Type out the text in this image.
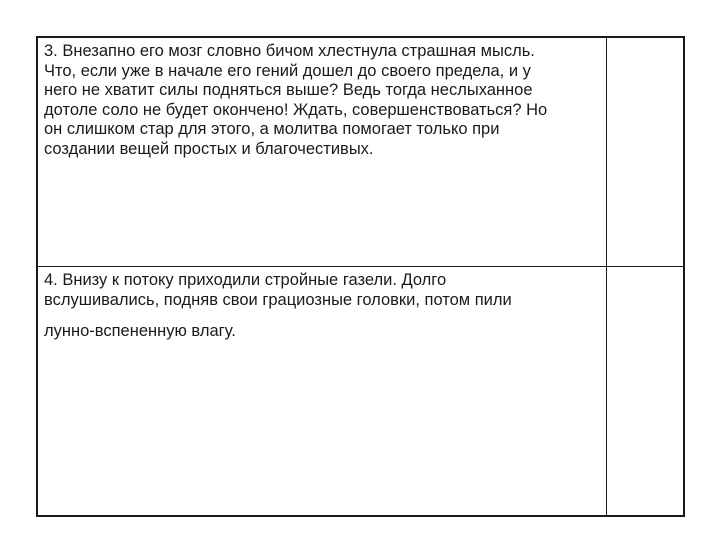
3. Внезапно его мозг словно бичом хлестнула страшная мысль.
Что, если уже в начале его гений дошел до своего предела, и у
него не хватит силы подняться выше? Ведь тогда неслыханное
дотоле соло не будет окончено! Ждать, совершенствоваться? Но
он слишком стар для этого, а молитва помогает только при
создании вещей простых и благочестивых.
4. Внизу к потоку приходили стройные газели. Долго
вслушивались, подняв свои грациозные головки, потом пили
лунно-вспененную влагу.
